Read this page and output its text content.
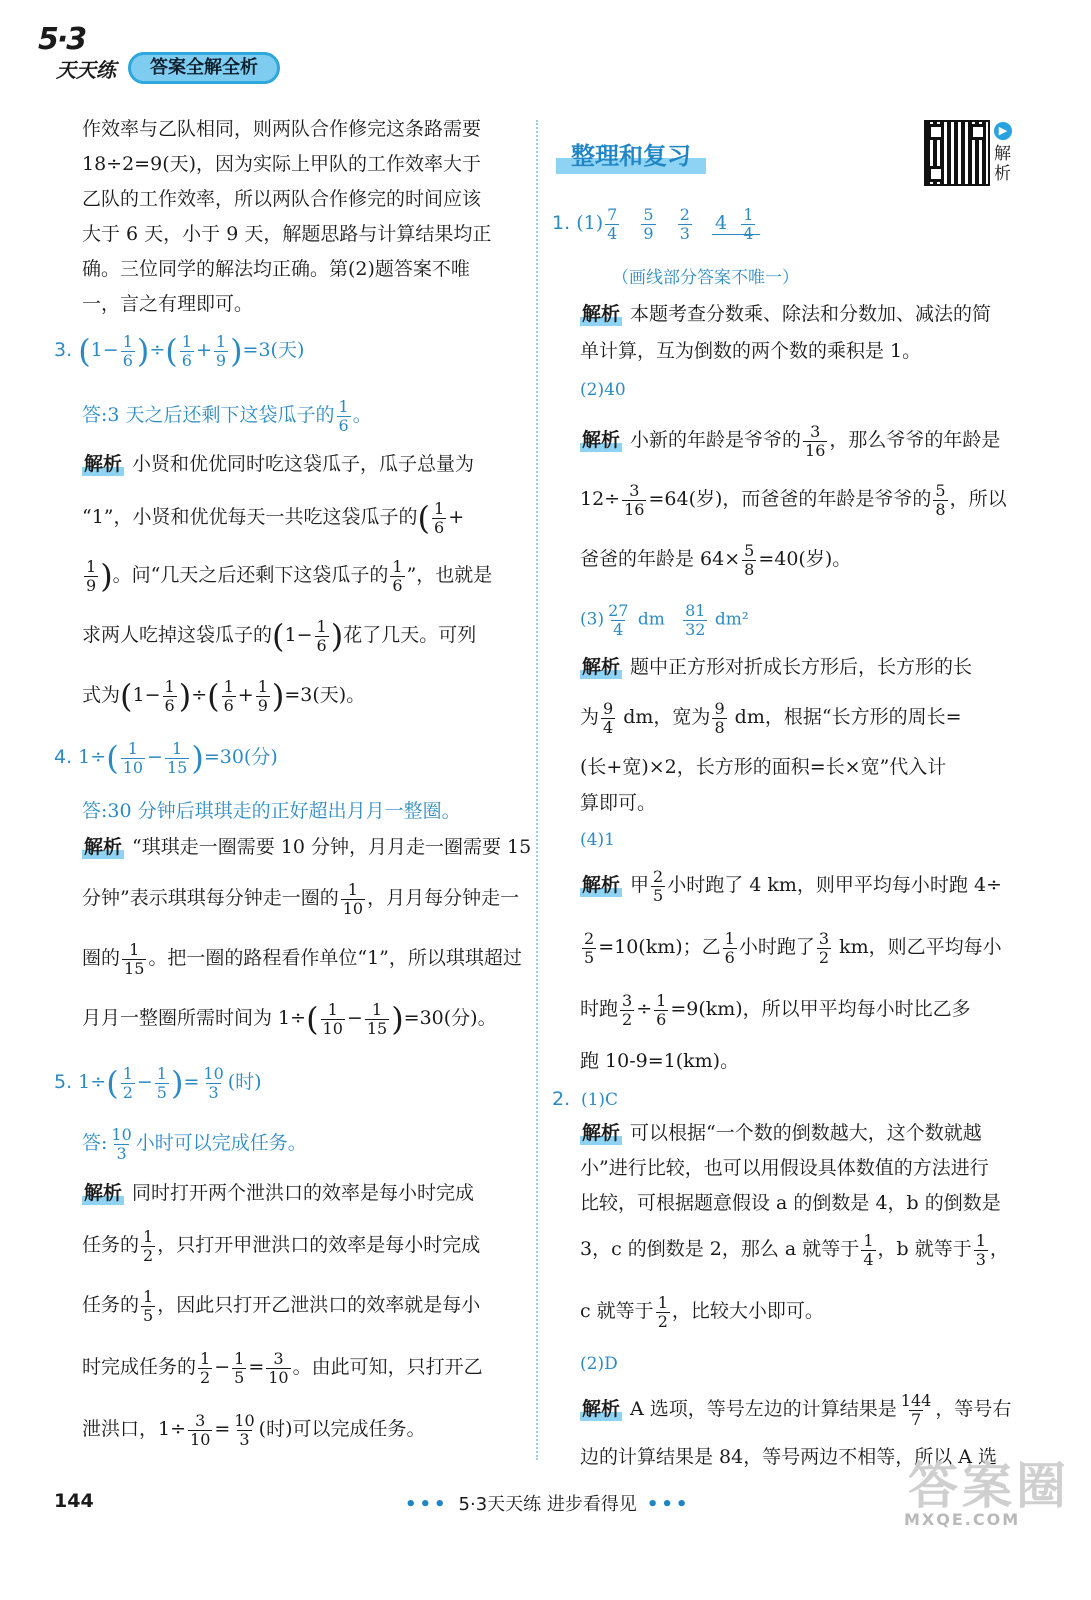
5·3
天天练	答案全解全析
作效率与乙队相同，则两队合作修完这条路需要
18÷2=9(天)，因为实际上甲队的工作效率大于
乙队的工作效率，所以两队合作修完的时间应该
大于 6 天，小于 9 天，解题思路与计算结果均正
确。三位同学的解法均正确。第(2)题答案不唯
一，言之有理即可。
3. ($1- \frac{1}{6}$ )÷( $\frac{1}{6} + \frac{1}{9} )=3$(天)
答:3 天之后还剩下这袋瓜子的 $\frac{1}{6}$ 。
解析 小贤和优优同时吃这袋瓜子，瓜子总量为
“1”，小贤和优优每天一共吃这袋瓜子的( $\frac{1}{6}$ +
$\frac{1}{9}$ )。问“几天之后还剩下这袋瓜子的 $\frac{1}{6}$ ”，也就是
求两人吃掉这袋瓜子的($1- \frac{1}{6}$ )花了几天。可列
式为($1- \frac{1}{6}$ )÷( $\frac{1}{6} + \frac{1}{9} )=3$(天)。
4. $1\div( \frac{1}{10} - \frac{1}{15} )=30$(分)
答:30 分钟后琪琪走的正好超出月月一整圈。
解析 “琪琪走一圈需要 10 分钟，月月走一圈需要 15
分钟”表示琪琪每分钟走一圈的 $\frac{1}{10}$ ，月月每分钟走一
圈的 $\frac{1}{15}$ 。把一圈的路程看作单位“1”，所以琪琪超过
月月一整圈所需时间为 $1\div( \frac{1}{10} - \frac{1}{15} )=30$(分)。
5. $1\div( \frac{1}{2} - \frac{1}{5}$ )= $\frac{10}{3}$ (时)
答: $\frac{10}{3}$ 小时可以完成任务。
解析 同时打开两个泄洪口的效率是每小时完成
任务的 $\frac{1}{2}$ ，只打开甲泄洪口的效率是每小时完成
任务的 $\frac{1}{5}$ ，因此只打开乙泄洪口的效率就是每小
时完成任务的 $\frac{1}{2} - \frac{1}{5} = \frac{3}{10}$ 。由此可知，只打开乙
泄洪口，$1\div \frac{3}{10} = \frac{10}{3}$ (时)可以完成任务。
整理和复习
▶
解析
1. $(1) \frac{7}{4}$
$\frac{5}{9}$
$\frac{2}{3} 4 \frac{1}{4}$
（画线部分答案不唯一）
解析 本题考查分数乘、除法和分数加、减法的简
单计算，互为倒数的两个数的乘积是 1。
(2)40
解析 小新的年龄是爷爷的 $\frac{3}{16}$ ，那么爷爷的年龄是
$12\div \frac{3}{16} =64$(岁)，而爸爸的年龄是爷爷的 $\frac{5}{8}$ ，所以
爸爸的年龄是 $64\times \frac{5}{8} =40$(岁)。
$(3) \frac{27}{4}$ dm $\frac{81}{32} dm^2$
解析 题中正方形对折成长方形后，长方形的长
为 $\frac{9}{4}$ dm，宽为 $\frac{9}{8}$ dm，根据“长方形的周长=
(长+宽)×2，长方形的面积=长×宽”代入计
算即可。
(4)1
解析 甲 $\frac{2}{5}$ 小时跑了 4 km，则甲平均每小时跑 4÷
$\frac{2}{5} =10(km)$；乙 $\frac{1}{6}$ 小时跑了 $\frac{3}{2}$ km，则乙平均每小
时跑 $\frac{3}{2} \div \frac{1}{6} =9(km)$，所以甲平均每小时比乙多
跑 10-9=1(km)。
2. (1)C
解析 可以根据“一个数的倒数越大，这个数就越
小”进行比较，也可以用假设具体数值的方法进行
比较，可根据题意假设 a 的倒数是 4，b 的倒数是
3，c 的倒数是 2，那么 a 就等于 $\frac{1}{4}$ ，b 就等于 $\frac{1}{3}$ ，
c 就等于 $\frac{1}{2}$ ，比较大小即可。
(2)D
解析 A 选项，等号左边的计算结果是 $\frac{144}{7}$ ，等号右
边的计算结果是 84，等号两边不相等，所以 A 选
144	••• 5·3天天练 进步看得见 •••	答案圈
MXQE.COM
